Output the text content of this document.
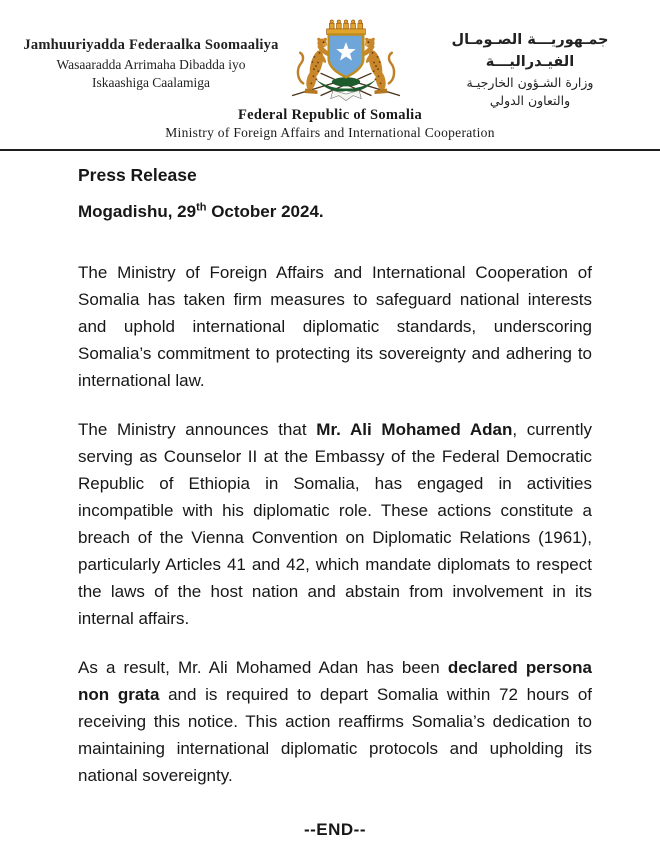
Jamhuuriyadda Federaalka Soomaaliya
Wasaaradda Arrimaha Dibadda iyo
Iskaashiga Caalamiga
جمـهوريـــة الصـومـال الفيـدراليـــة
وزارة الشـؤون الخارجيـة
والتعاون الدولي
Federal Republic of Somalia
Ministry of Foreign Affairs and International Cooperation
Press Release

Mogadishu, 29th October 2024.

The Ministry of Foreign Affairs and International Cooperation of Somalia has taken firm measures to safeguard national interests and uphold international diplomatic standards, underscoring Somalia’s commitment to protecting its sovereignty and adhering to international law.

The Ministry announces that Mr. Ali Mohamed Adan, currently serving as Counselor II at the Embassy of the Federal Democratic Republic of Ethiopia in Somalia, has engaged in activities incompatible with his diplomatic role. These actions constitute a breach of the Vienna Convention on Diplomatic Relations (1961), particularly Articles 41 and 42, which mandate diplomats to respect the laws of the host nation and abstain from involvement in its internal affairs.

As a result, Mr. Ali Mohamed Adan has been declared persona non grata and is required to depart Somalia within 72 hours of receiving this notice. This action reaffirms Somalia’s dedication to maintaining international diplomatic protocols and upholding its national sovereignty.

--END--
